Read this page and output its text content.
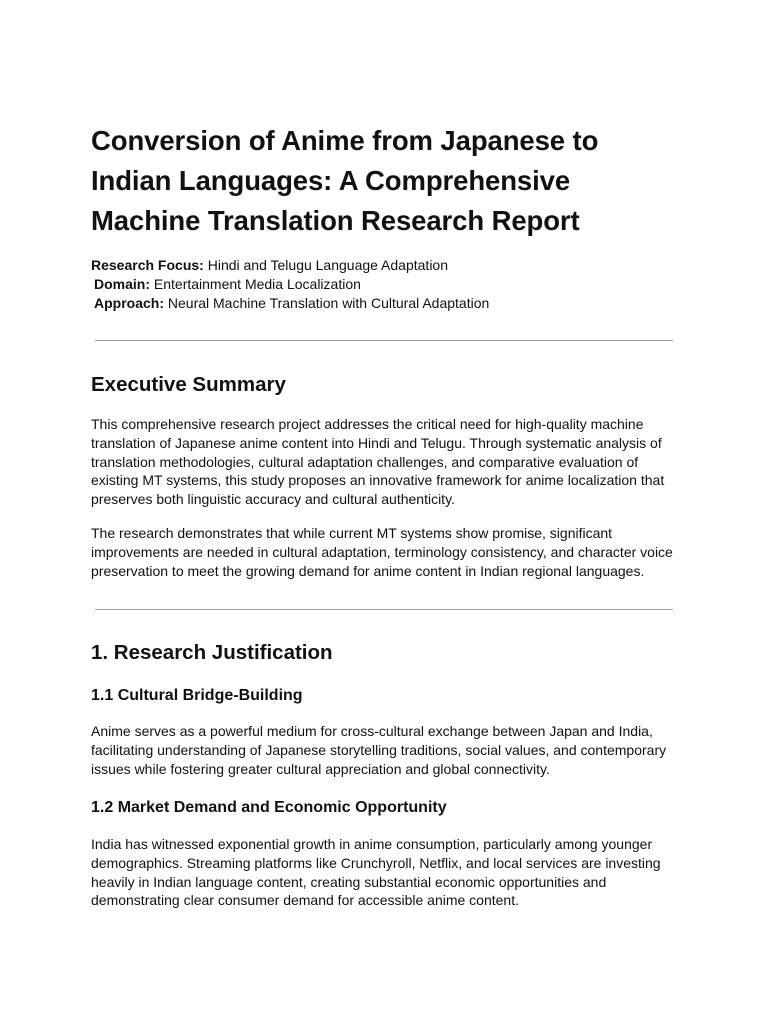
Conversion of Anime from Japanese to
Indian Languages: A Comprehensive
Machine Translation Research Report
Research Focus: Hindi and Telugu Language Adaptation
Domain: Entertainment Media Localization
Approach: Neural Machine Translation with Cultural Adaptation
Executive Summary

This comprehensive research project addresses the critical need for high-quality machine
translation of Japanese anime content into Hindi and Telugu. Through systematic analysis of
translation methodologies, cultural adaptation challenges, and comparative evaluation of
existing MT systems, this study proposes an innovative framework for anime localization that
preserves both linguistic accuracy and cultural authenticity.

The research demonstrates that while current MT systems show promise, significant
improvements are needed in cultural adaptation, terminology consistency, and character voice
preservation to meet the growing demand for anime content in Indian regional languages.

1. Research Justification
1.1 Cultural Bridge-Building

Anime serves as a powerful medium for cross-cultural exchange between Japan and India,
facilitating understanding of Japanese storytelling traditions, social values, and contemporary
issues while fostering greater cultural appreciation and global connectivity.

1.2 Market Demand and Economic Opportunity

India has witnessed exponential growth in anime consumption, particularly among younger
demographics. Streaming platforms like Crunchyroll, Netflix, and local services are investing
heavily in Indian language content, creating substantial economic opportunities and
demonstrating clear consumer demand for accessible anime content.
